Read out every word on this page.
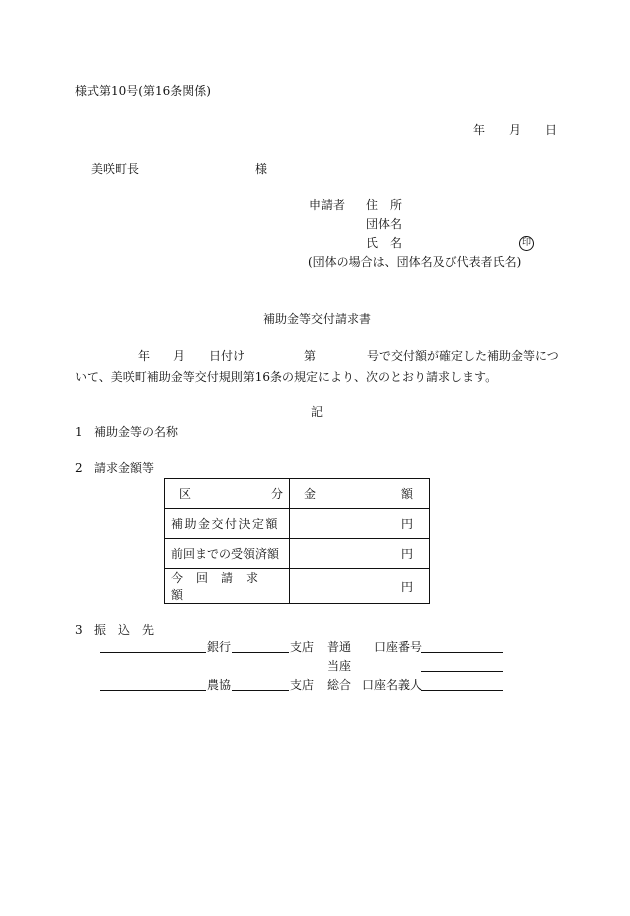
様式第10号(第16条関係)
年 月 日
美咲町長	様
申請者 住　所
団体名
氏　名	印
(団体の場合は、団体名及び代表者氏名)
補助金等交付請求書
年 月 日付け	第	号で交付額が確定した補助金等につ
いて、美咲町補助金等交付規則第16条の規定により、次のとおり請求します。
記
1 補助金等の名称
2 請求金額等
区 分	金 額

補助金交付決定額	円

前回までの受領済額	円

今回請求額	円
3 振　込　先
銀行	支店 普通 口座番号
当座
農協	支店 総合 口座名義人
